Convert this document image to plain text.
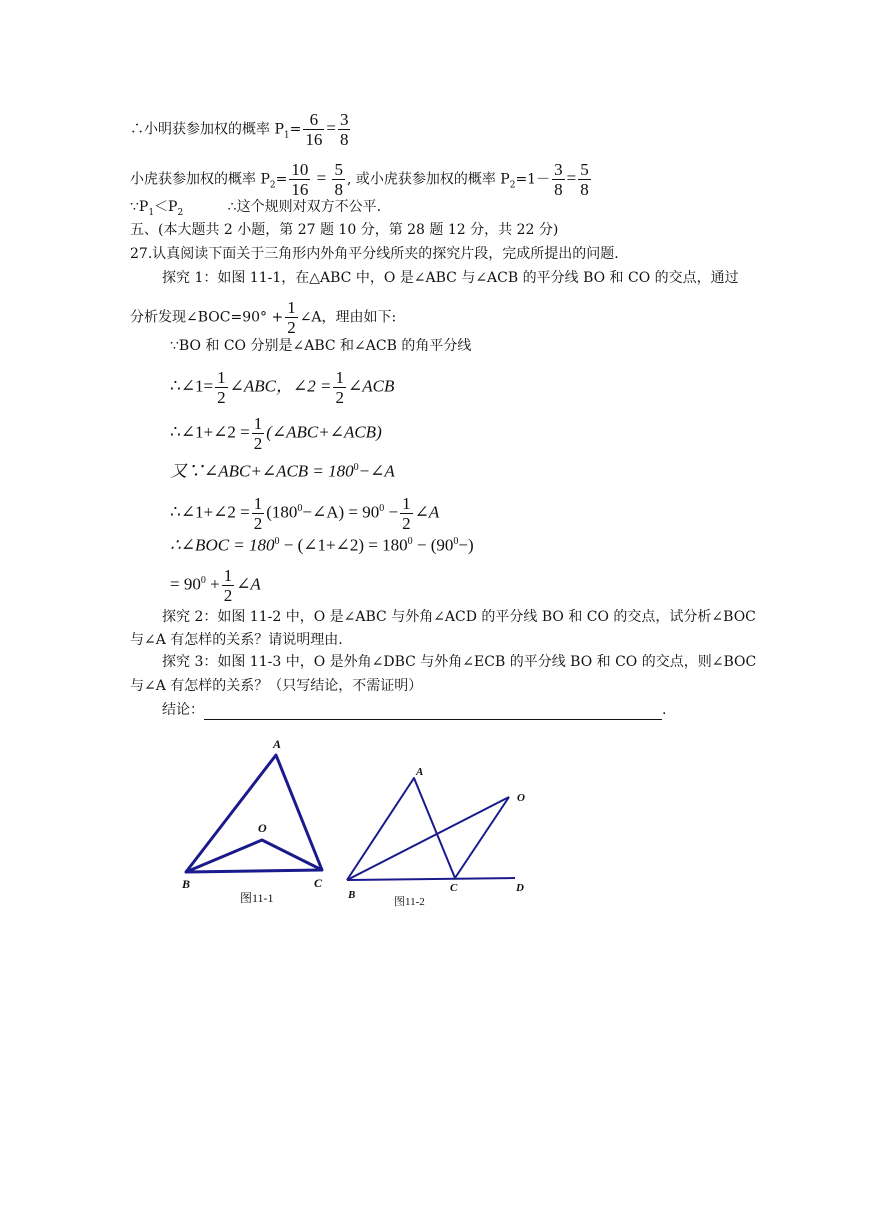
∴小明获参加权的概率 $P_1= \frac{6}{16} = \frac{3}{8}$
小虎获参加权的概率 $P_2= \frac{10}{16} = \frac{5}{8}$ , 或小虎获参加权的概率 $P_2=1- \frac{3}{8} = \frac{5}{8}$
$\because P_1<P_2$	∴这个规则对双方不公平.
五、(本大题共 2 小题，第 27 题 10 分，第 28 题 12 分，共 22 分)
27.认真阅读下面关于三角形内外角平分线所夹的探究片段，完成所提出的问题.
探究 1：如图 11-1，在△ABC 中，O 是∠ABC 与∠ACB 的平分线 BO 和 CO 的交点，通过
分析发现∠BOC=90° + $\frac{1}{2}$ ∠A，理由如下:
∵BO 和 CO 分别是∠ABC 和∠ACB 的角平分线
∴∠1= $\frac{1}{2}$ ∠ABC，∠2 = $\frac{1}{2}$ ∠ACB
∴∠1+∠2 = $\frac{1}{2}$ (∠ABC+∠ACB)
又∵∠ABC+∠ACB = $180^0-\angle A$
∴∠1+∠2 = $\frac{1}{2}$ $(180^0-\angle A) = 90^0 - \frac{1}{2}$ ∠A
∴∠BOC = $180^0$ − (∠1+∠2) = $180^0 - (90^0-)$
= $90^0 + \frac{1}{2}$ ∠A
探究 2：如图 11-2 中，O 是∠ABC 与外角∠ACD 的平分线 BO 和 CO 的交点，试分析∠BOC
与∠A 有怎样的关系？请说明理由.
探究 3：如图 11-3 中，O 是外角∠DBC 与外角∠ECB 的平分线 BO 和 CO 的交点，则∠BOC
与∠A 有怎样的关系？（只写结论，不需证明）
结论：	.
A
O
B	C
图11-1
A
O
B
C	D
图11-2
